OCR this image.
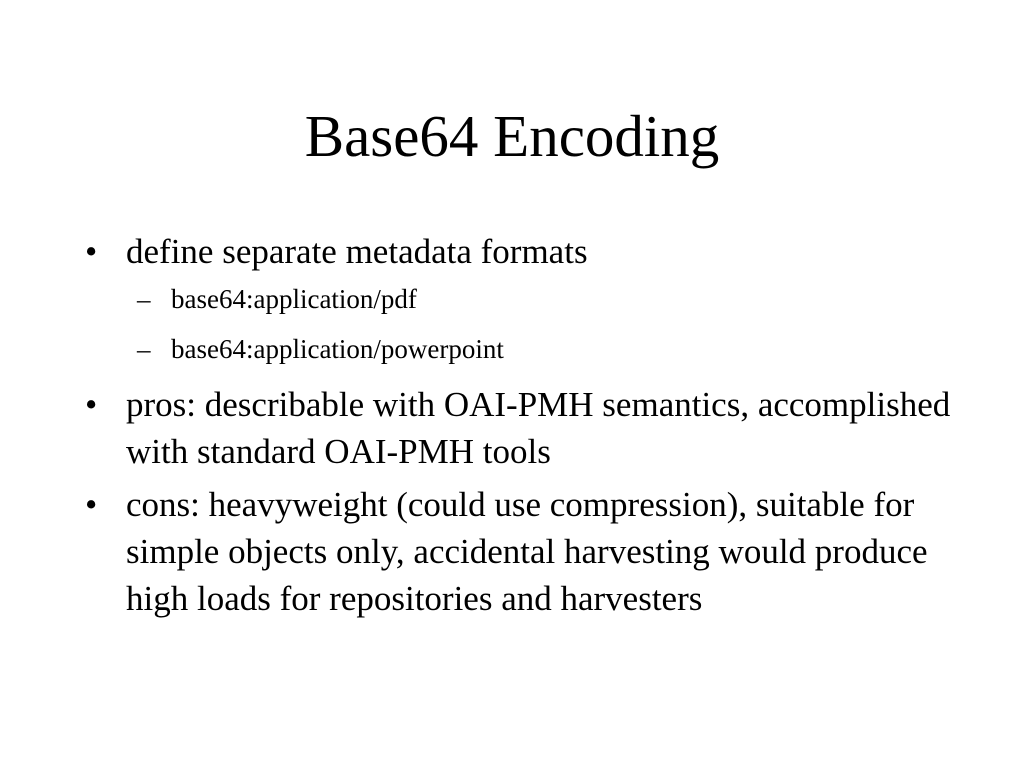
Base64 Encoding
• define separate metadata formats
– base64:application/pdf
– base64:application/powerpoint
• pros: describable with OAI-PMH semantics, accomplished with standard OAI-PMH tools
• cons: heavyweight (could use compression), suitable for simple objects only, accidental harvesting would produce high loads for repositories and harvesters
